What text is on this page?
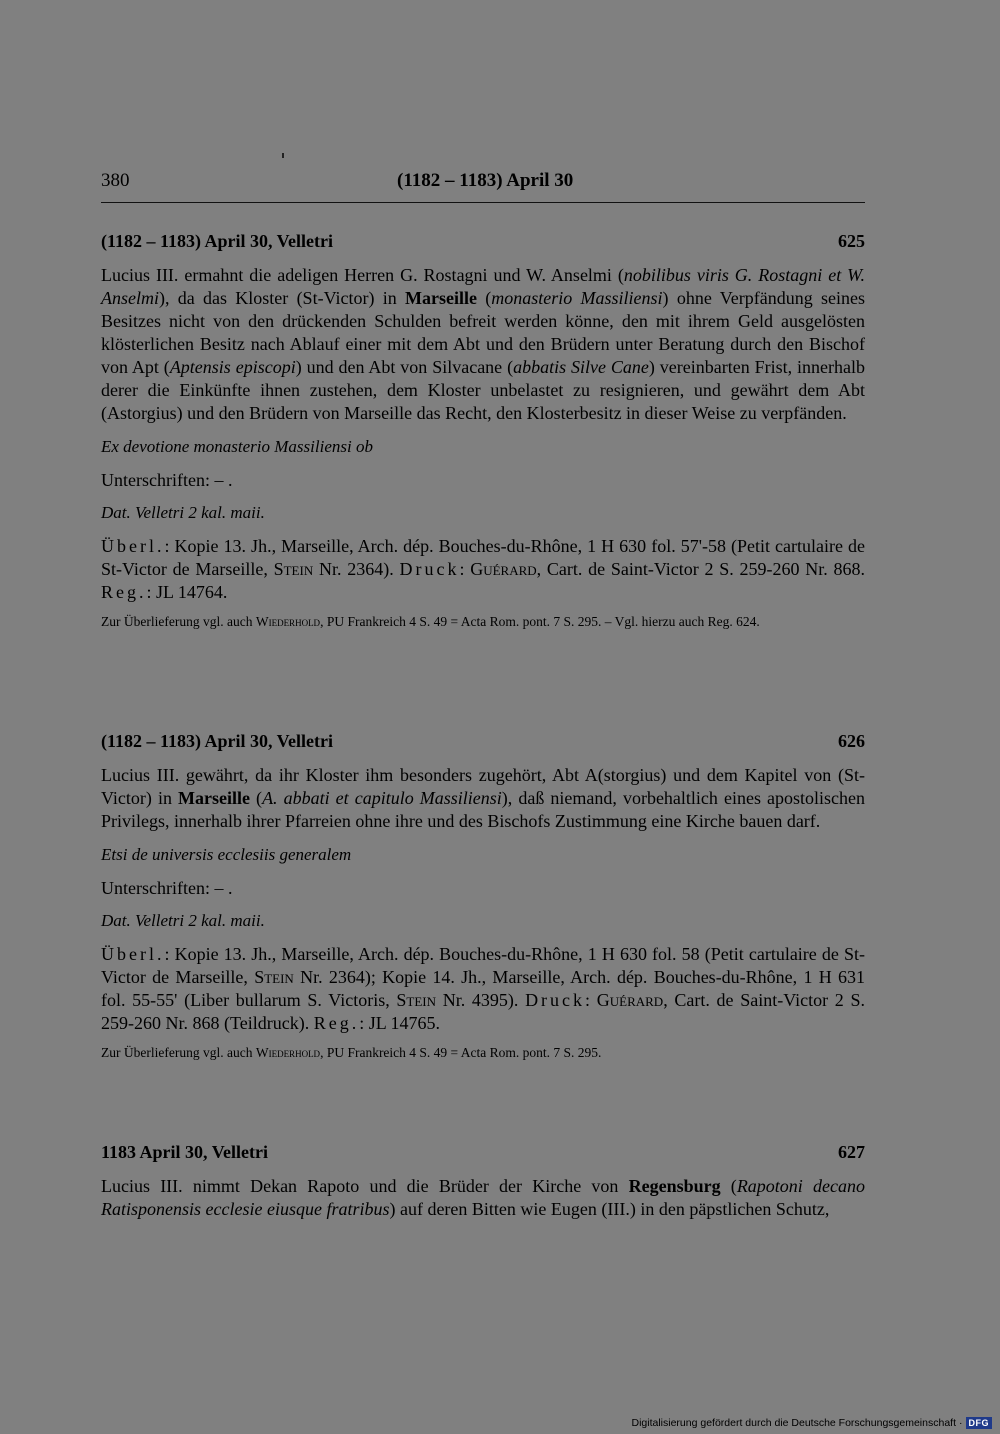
380	(1182 – 1183) April 30
(1182 – 1183) April 30, Velletri	625

Lucius III. ermahnt die adeligen Herren G. Rostagni und W. Anselmi (nobilibus viris G. Rostagni et W. Anselmi), da das Kloster (St-Victor) in Marseille (monasterio Massiliensi) ohne Verpfändung seines Besitzes nicht von den drückenden Schulden befreit werden könne, den mit ihrem Geld ausgelösten klösterlichen Besitz nach Ablauf einer mit dem Abt und den Brüdern unter Beratung durch den Bischof von Apt (Aptensis episcopi) und den Abt von Silvacane (abbatis Silve Cane) vereinbarten Frist, innerhalb derer die Einkünfte ihnen zustehen, dem Kloster unbelastet zu resignieren, und gewährt dem Abt (Astorgius) und den Brüdern von Marseille das Recht, den Klosterbesitz in dieser Weise zu verpfänden.

Ex devotione monasterio Massiliensi ob

Unterschriften: – .

Dat. Velletri 2 kal. maii.

Überl.: Kopie 13. Jh., Marseille, Arch. dép. Bouches-du-Rhône, 1 H 630 fol. 57'-58 (Petit cartulaire de St-Victor de Marseille, Stein Nr. 2364). Druck: Guérard, Cart. de Saint-Victor 2 S. 259-260 Nr. 868. Reg.: JL 14764.

Zur Überlieferung vgl. auch Wiederhold, PU Frankreich 4 S. 49 = Acta Rom. pont. 7 S. 295. – Vgl. hierzu auch Reg. 624.

(1182 – 1183) April 30, Velletri	626

Lucius III. gewährt, da ihr Kloster ihm besonders zugehört, Abt A(storgius) und dem Kapitel von (St-Victor) in Marseille (A. abbati et capitulo Massiliensi), daß niemand, vorbehaltlich eines apostolischen Privilegs, innerhalb ihrer Pfarreien ohne ihre und des Bischofs Zustimmung eine Kirche bauen darf.

Etsi de universis ecclesiis generalem

Unterschriften: – .

Dat. Velletri 2 kal. maii.

Überl.: Kopie 13. Jh., Marseille, Arch. dép. Bouches-du-Rhône, 1 H 630 fol. 58 (Petit cartulaire de St-Victor de Marseille, Stein Nr. 2364); Kopie 14. Jh., Marseille, Arch. dép. Bouches-du-Rhône, 1 H 631 fol. 55-55' (Liber bullarum S. Victoris, Stein Nr. 4395). Druck: Guérard, Cart. de Saint-Victor 2 S. 259-260 Nr. 868 (Teildruck). Reg.: JL 14765.

Zur Überlieferung vgl. auch Wiederhold, PU Frankreich 4 S. 49 = Acta Rom. pont. 7 S. 295.

1183 April 30, Velletri	627

Lucius III. nimmt Dekan Rapoto und die Brüder der Kirche von Regensburg (Rapotoni decano Ratisponensis ecclesie eiusque fratribus) auf deren Bitten wie Eugen (III.) in den päpstlichen Schutz,

Digitalisierung gefördert durch die Deutsche Forschungsgemeinschaft · DFG
